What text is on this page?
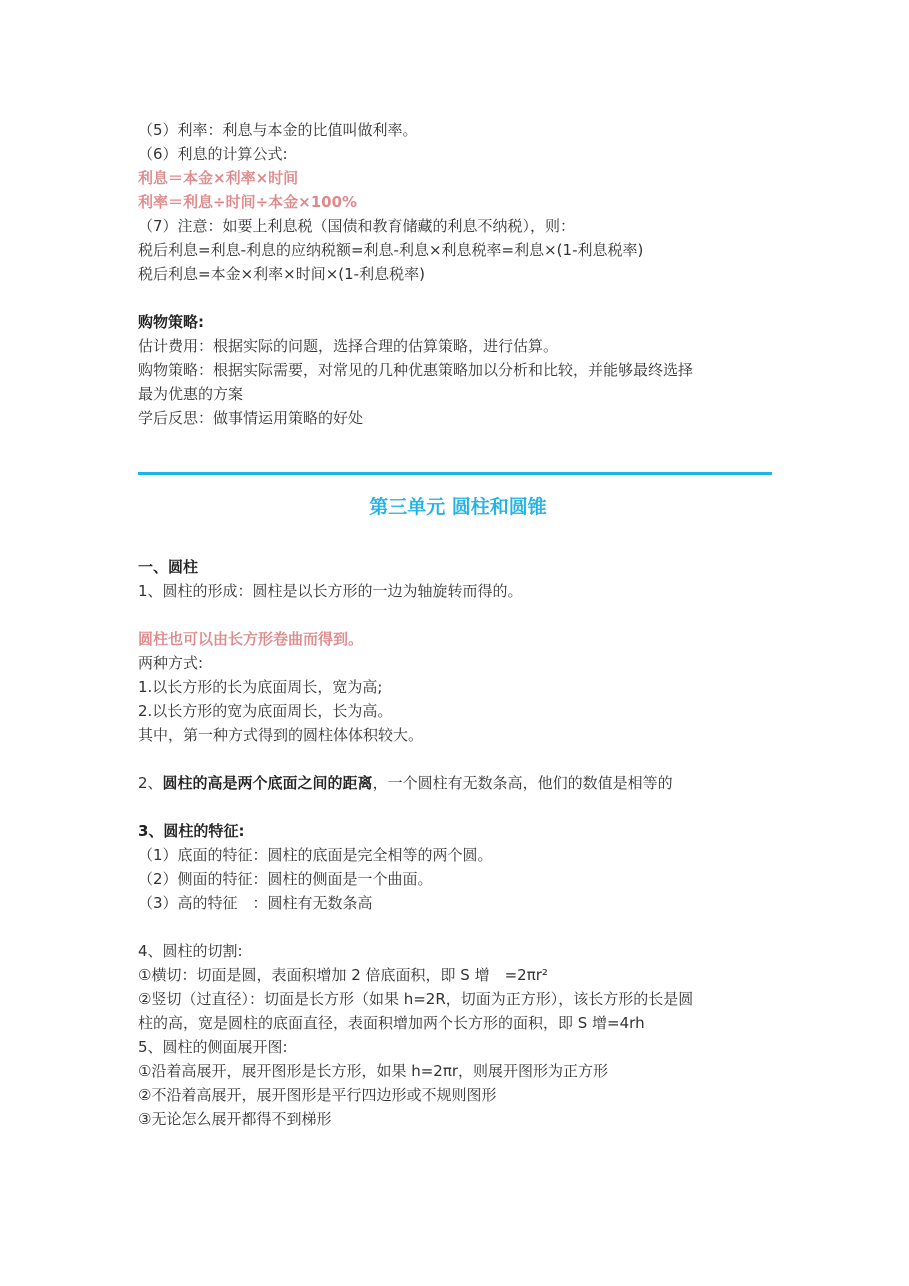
（5）利率：利息与本金的比值叫做利率。
（6）利息的计算公式:
利息＝本金×利率×时间
利率＝利息÷时间÷本金×100%
（7）注意：如要上利息税（国债和教育储藏的利息不纳税），则：
税后利息=利息-利息的应纳税额=利息-利息×利息税率=利息×(1-利息税率)
税后利息=本金×利率×时间×(1-利息税率)
购物策略:
估计费用：根据实际的问题，选择合理的估算策略，进行估算。
购物策略：根据实际需要，对常见的几种优惠策略加以分析和比较，并能够最终选择
最为优惠的方案
学后反思：做事情运用策略的好处
第三单元 圆柱和圆锥
一、圆柱
1、圆柱的形成：圆柱是以长方形的一边为轴旋转而得的。
圆柱也可以由长方形卷曲而得到。
两种方式:
1.以长方形的长为底面周长，宽为高;
2.以长方形的宽为底面周长，长为高。
其中，第一种方式得到的圆柱体体积较大。
2、圆柱的高是两个底面之间的距离，一个圆柱有无数条高，他们的数值是相等的
3、圆柱的特征:
（1）底面的特征：圆柱的底面是完全相等的两个圆。
（2）侧面的特征：圆柱的侧面是一个曲面。
（3）高的特征　：圆柱有无数条高
4、圆柱的切割:
①横切：切面是圆，表面积增加 2 倍底面积，即 S 增　=2πr²
②竖切（过直径）：切面是长方形（如果 h=2R，切面为正方形），该长方形的长是圆
柱的高，宽是圆柱的底面直径，表面积增加两个长方形的面积，即 S 增=4rh
5、圆柱的侧面展开图:
①沿着高展开，展开图形是长方形，如果 h=2πr，则展开图形为正方形
②不沿着高展开，展开图形是平行四边形或不规则图形
③无论怎么展开都得不到梯形
